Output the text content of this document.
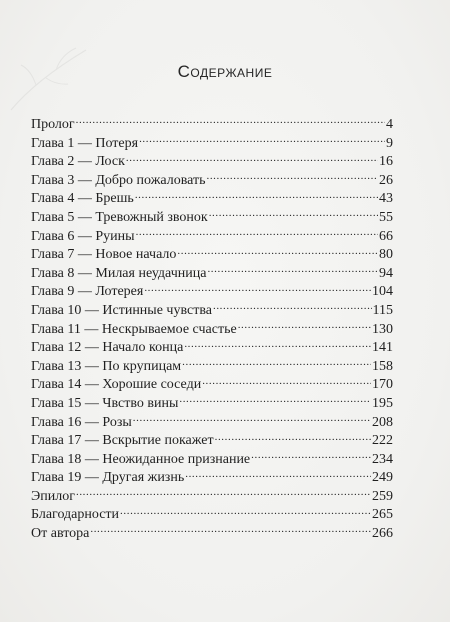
Содержание
Пролог .....	4
Глава 1 — Потеря .....	9
Глава 2 — Лоск .....	16
Глава 3 — Добро пожаловать .....	26
Глава 4 — Брешь .....	43
Глава 5 — Тревожный звонок .....	55
Глава 6 — Руины .....	66
Глава 7 — Новое начало .....	80
Глава 8 — Милая неудачница .....	94
Глава 9 — Лотерея .....	104
Глава 10 — Истинные чувства .....	115
Глава 11 — Нескрываемое счастье .....	130
Глава 12 — Начало конца .....	141
Глава 13 — По крупицам .....	158
Глава 14 — Хорошие соседи .....	170
Глава 15 — Чвство вины .....	195
Глава 16 — Розы .....	208
Глава 17 — Вскрытие покажет .....	222
Глава 18 — Неожиданное признание .....	234
Глава 19 — Другая жизнь .....	249
Эпилог .....	259
Благодарности .....	265
От автора .....	266
